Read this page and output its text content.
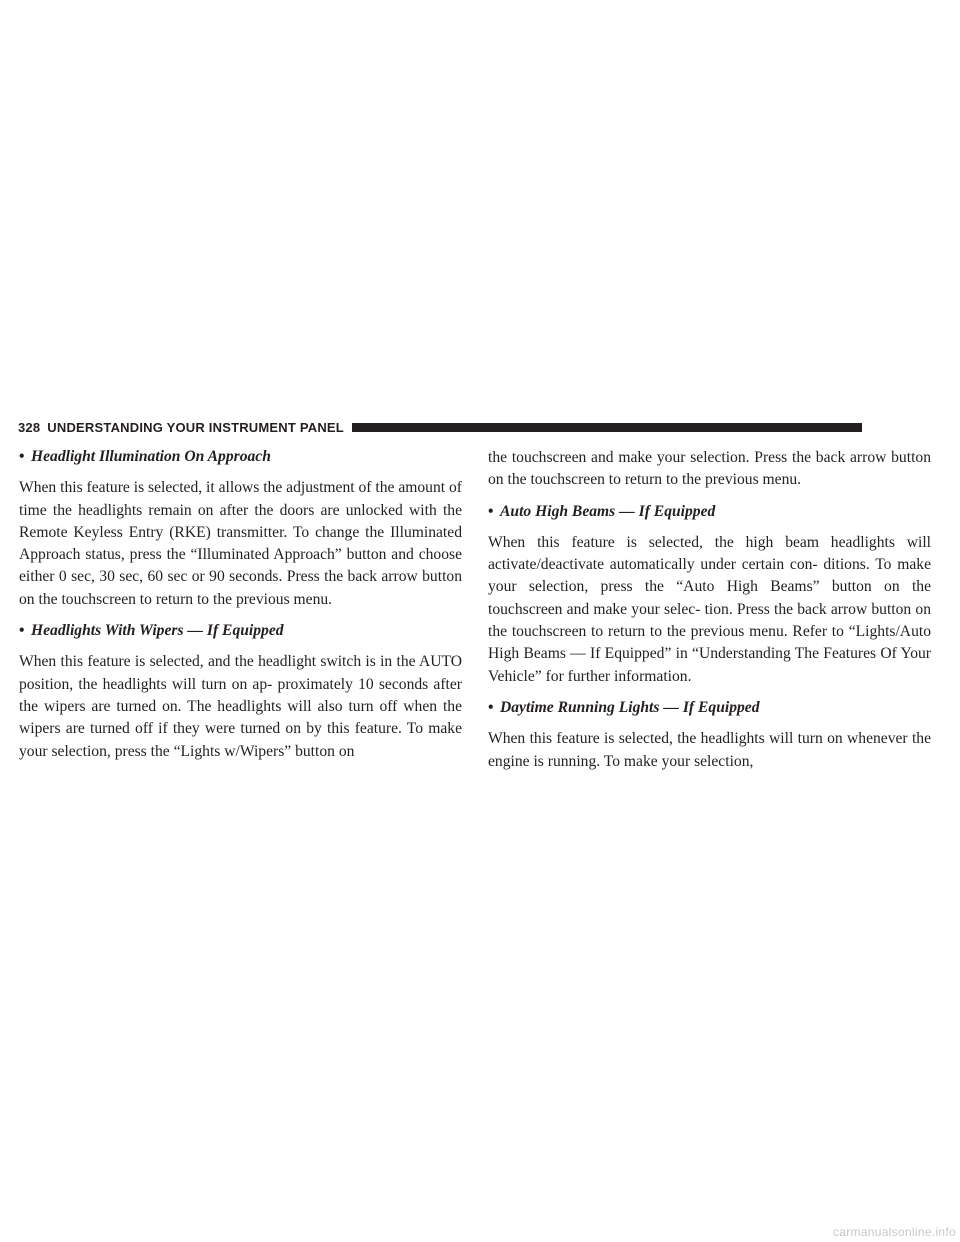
328 UNDERSTANDING YOUR INSTRUMENT PANEL

• Headlight Illumination On Approach

When this feature is selected, it allows the adjustment of the amount of time the headlights remain on after the doors are unlocked with the Remote Keyless Entry (RKE) transmitter. To change the Illuminated Approach status, press the “Illuminated Approach” button and choose either 0 sec, 30 sec, 60 sec or 90 seconds. Press the back arrow button on the touchscreen to return to the previous menu.

• Headlights With Wipers — If Equipped

When this feature is selected, and the headlight switch is in the AUTO position, the headlights will turn on ap- proximately 10 seconds after the wipers are turned on. The headlights will also turn off when the wipers are turned off if they were turned on by this feature. To make your selection, press the “Lights w/Wipers” button on

the touchscreen and make your selection. Press the back arrow button on the touchscreen to return to the previous menu.

• Auto High Beams — If Equipped

When this feature is selected, the high beam headlights will activate/deactivate automatically under certain con- ditions. To make your selection, press the “Auto High Beams” button on the touchscreen and make your selec- tion. Press the back arrow button on the touchscreen to return to the previous menu. Refer to “Lights/Auto High Beams — If Equipped” in “Understanding The Features Of Your Vehicle” for further information.

• Daytime Running Lights — If Equipped

When this feature is selected, the headlights will turn on whenever the engine is running. To make your selection,

carmanualsonline.info
